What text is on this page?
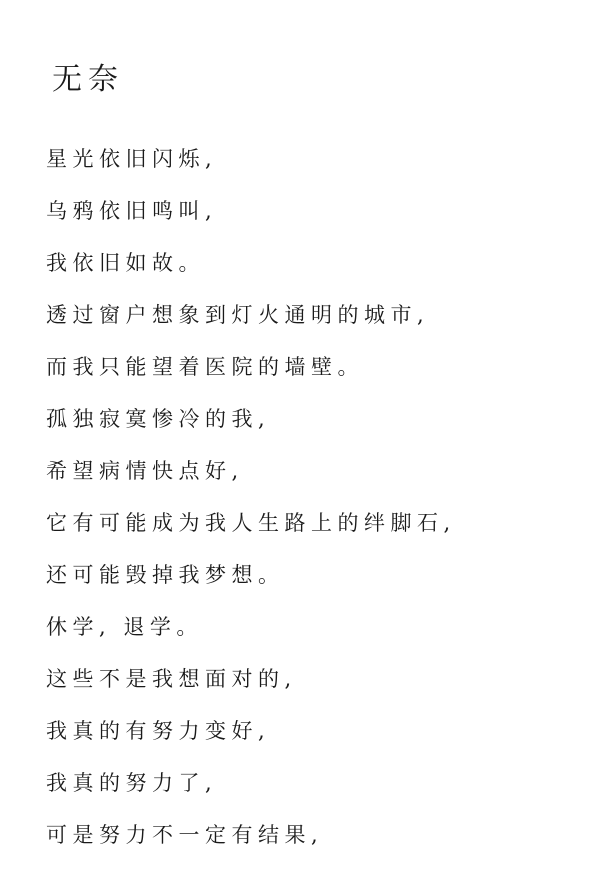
无奈
星光依旧闪烁,
乌鸦依旧鸣叫,
我依旧如故。
透过窗户想象到灯火通明的城市,
而我只能望着医院的墙壁。
孤独寂寞惨冷的我,
希望病情快点好,
它有可能成为我人生路上的绊脚石,
还可能毁掉我梦想。
休学, 退学。
这些不是我想面对的,
我真的有努力变好,
我真的努力了,
可是努力不一定有结果,
